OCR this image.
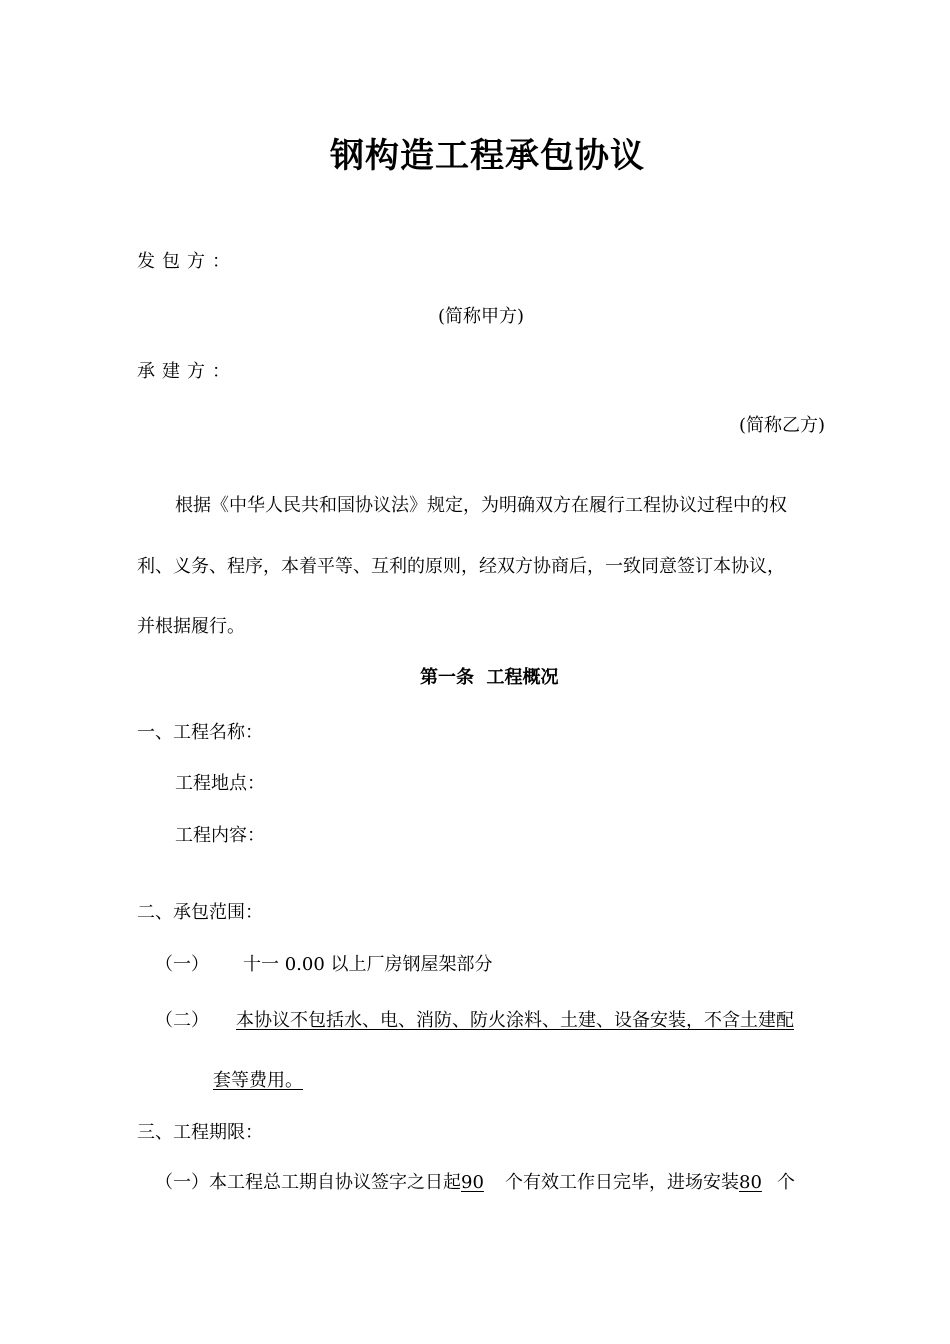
钢构造工程承包协议
发包方：
(简称甲方)
承建方：
(简称乙方)
根据《中华人民共和国协议法》规定，为明确双方在履行工程协议过程中的权
利、义务、程序，本着平等、互利的原则，经双方协商后，一致同意签订本协议，
并根据履行。
第一条  工程概况
一、工程名称：
工程地点：
工程内容：
二、承包范围：
（一） 十一 0.00 以上厂房钢屋架部分
（二） 本协议不包括水、电、消防、防火涂料、土建、设备安装，不含土建配
套等费用。
三、工程期限：
（一）本工程总工期自协议签字之日起90 个有效工作日完毕，进场安装80 个
